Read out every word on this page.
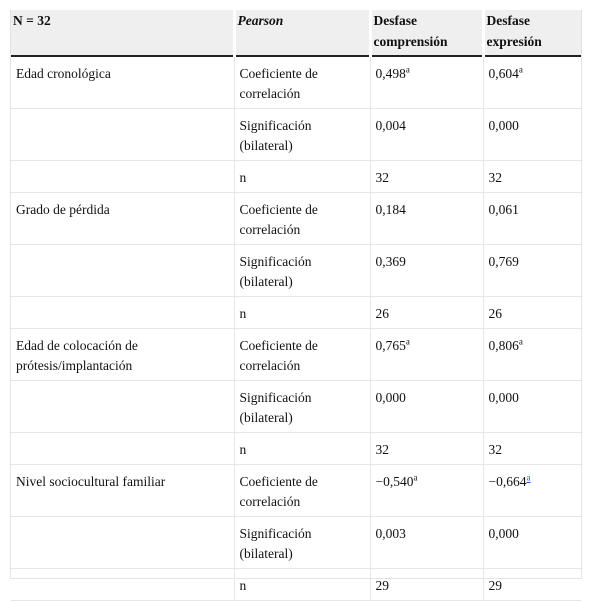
N = 32	Pearson	Desfase comprensión	Desfase expresión
Edad cronológica	Coeficiente de correlación	0,498$^a$	0,604$^a$
	Significación (bilateral)	0,004	0,000
	n	32	32
Grado de pérdida	Coeficiente de correlación	0,184	0,061
	Significación (bilateral)	0,369	0,769
	n	26	26
Edad de colocación de prótesis/implantación	Coeficiente de correlación	0,765$^a$	0,806$^a$
	Significación (bilateral)	0,000	0,000
	n	32	32
Nivel sociocultural familiar	Coeficiente de correlación	−0,540$^a$	−0,664$^a$
	Significación (bilateral)	0,003	0,000
	n	29	29
